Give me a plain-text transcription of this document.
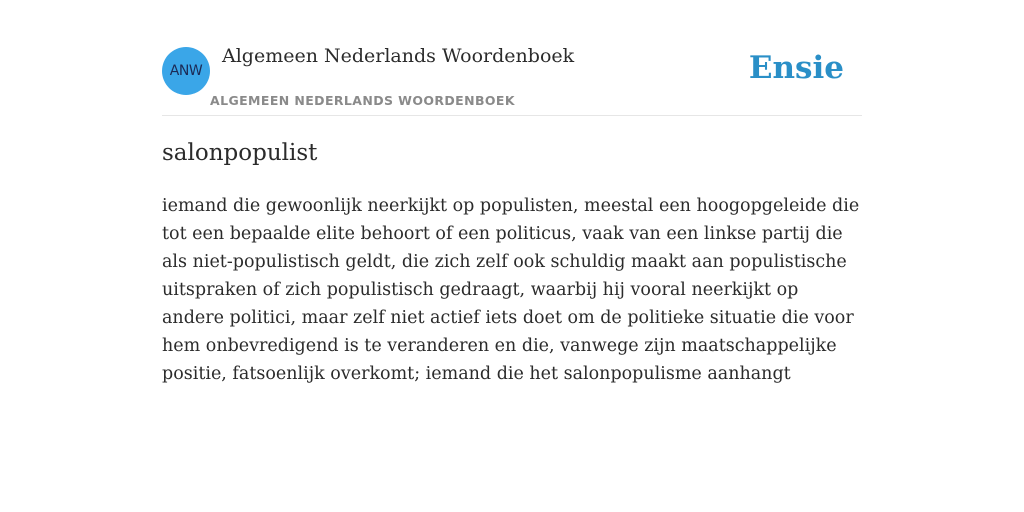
ANW
Algemeen Nederlands Woordenboek
ALGEMEEN NEDERLANDS WOORDENBOEK
Ensie
salonpopulist

iemand die gewoonlijk neerkijkt op populisten, meestal een hoogopgeleide die tot een bepaalde elite behoort of een politicus, vaak van een linkse partij die als niet-populistisch geldt, die zich zelf ook schuldig maakt aan populistische uitspraken of zich populistisch gedraagt, waarbij hij vooral neerkijkt op andere politici, maar zelf niet actief iets doet om de politieke situatie die voor hem onbevredigend is te veranderen en die, vanwege zijn maatschappelijke positie, fatsoenlijk overkomt; iemand die het salonpopulisme aanhangt
